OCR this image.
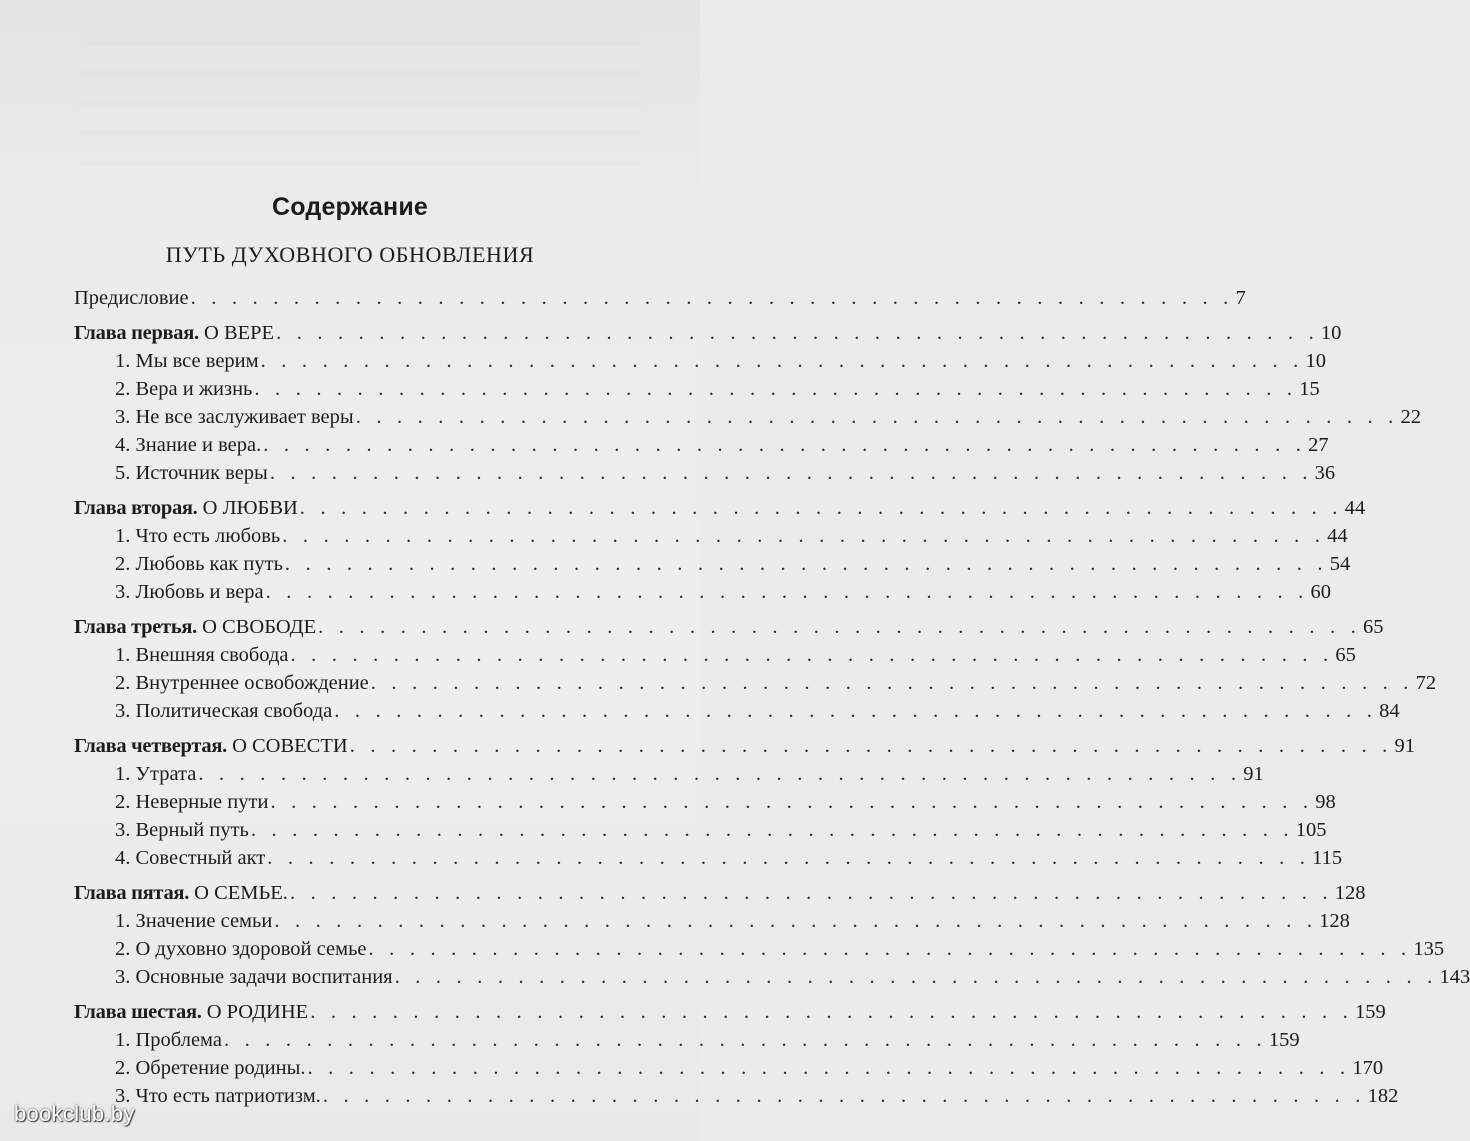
Содержание
ПУТЬ ДУХОВНОГО ОБНОВЛЕНИЯ
Предисловие . . . . . . . . . . . . . . . . . . . . . . . . . . . . . . . . . . . . . . . . . . . . . . . . . . . 7
Глава первая. О ВЕРЕ . . . . . . . . . . . . . . . . . . . . . . . . . . . . . . . . . . . . . . . . . . . . . . . . . . . 10
1. Мы все верим . . . . . . . . . . . . . . . . . . . . . . . . . . . . . . . . . . . . . . . . . . . . . . . . . . . 10
2. Вера и жизнь . . . . . . . . . . . . . . . . . . . . . . . . . . . . . . . . . . . . . . . . . . . . . . . . . . . 15
3. Не все заслуживает веры . . . . . . . . . . . . . . . . . . . . . . . . . . . . . . . . . . . . . . . . . . . . . . . . . . . 22
4. Знание и вера. . . . . . . . . . . . . . . . . . . . . . . . . . . . . . . . . . . . . . . . . . . . . . . . . . . . 27
5. Источник веры . . . . . . . . . . . . . . . . . . . . . . . . . . . . . . . . . . . . . . . . . . . . . . . . . . . 36
Глава вторая. О ЛЮБВИ . . . . . . . . . . . . . . . . . . . . . . . . . . . . . . . . . . . . . . . . . . . . . . . . . . . 44
1. Что есть любовь . . . . . . . . . . . . . . . . . . . . . . . . . . . . . . . . . . . . . . . . . . . . . . . . . . . 44
2. Любовь как путь . . . . . . . . . . . . . . . . . . . . . . . . . . . . . . . . . . . . . . . . . . . . . . . . . . . 54
3. Любовь и вера . . . . . . . . . . . . . . . . . . . . . . . . . . . . . . . . . . . . . . . . . . . . . . . . . . . 60
Глава третья. О СВОБОДЕ . . . . . . . . . . . . . . . . . . . . . . . . . . . . . . . . . . . . . . . . . . . . . . . . . . . 65
1. Внешняя свобода . . . . . . . . . . . . . . . . . . . . . . . . . . . . . . . . . . . . . . . . . . . . . . . . . . . 65
2. Внутреннее освобождение . . . . . . . . . . . . . . . . . . . . . . . . . . . . . . . . . . . . . . . . . . . . . . . . . . . 72
3. Политическая свобода . . . . . . . . . . . . . . . . . . . . . . . . . . . . . . . . . . . . . . . . . . . . . . . . . . . 84
Глава четвертая. О СОВЕСТИ . . . . . . . . . . . . . . . . . . . . . . . . . . . . . . . . . . . . . . . . . . . . . . . . . . . 91
1. Утрата . . . . . . . . . . . . . . . . . . . . . . . . . . . . . . . . . . . . . . . . . . . . . . . . . . . 91
2. Неверные пути . . . . . . . . . . . . . . . . . . . . . . . . . . . . . . . . . . . . . . . . . . . . . . . . . . . 98
3. Верный путь . . . . . . . . . . . . . . . . . . . . . . . . . . . . . . . . . . . . . . . . . . . . . . . . . . . 105
4. Совестный акт . . . . . . . . . . . . . . . . . . . . . . . . . . . . . . . . . . . . . . . . . . . . . . . . . . . 115
Глава пятая. О СЕМЬЕ. . . . . . . . . . . . . . . . . . . . . . . . . . . . . . . . . . . . . . . . . . . . . . . . . . . . 128
1. Значение семьи . . . . . . . . . . . . . . . . . . . . . . . . . . . . . . . . . . . . . . . . . . . . . . . . . . . 128
2. О духовно здоровой семье . . . . . . . . . . . . . . . . . . . . . . . . . . . . . . . . . . . . . . . . . . . . . . . . . . . 135
3. Основные задачи воспитания . . . . . . . . . . . . . . . . . . . . . . . . . . . . . . . . . . . . . . . . . . . . . . . . . . . 143
Глава шестая. О РОДИНЕ . . . . . . . . . . . . . . . . . . . . . . . . . . . . . . . . . . . . . . . . . . . . . . . . . . . 159
1. Проблема . . . . . . . . . . . . . . . . . . . . . . . . . . . . . . . . . . . . . . . . . . . . . . . . . . . 159
2. Обретение родины. . . . . . . . . . . . . . . . . . . . . . . . . . . . . . . . . . . . . . . . . . . . . . . . . . . . 170
3. Что есть патриотизм. . . . . . . . . . . . . . . . . . . . . . . . . . . . . . . . . . . . . . . . . . . . . . . . . . . . 182
bookclub.by
